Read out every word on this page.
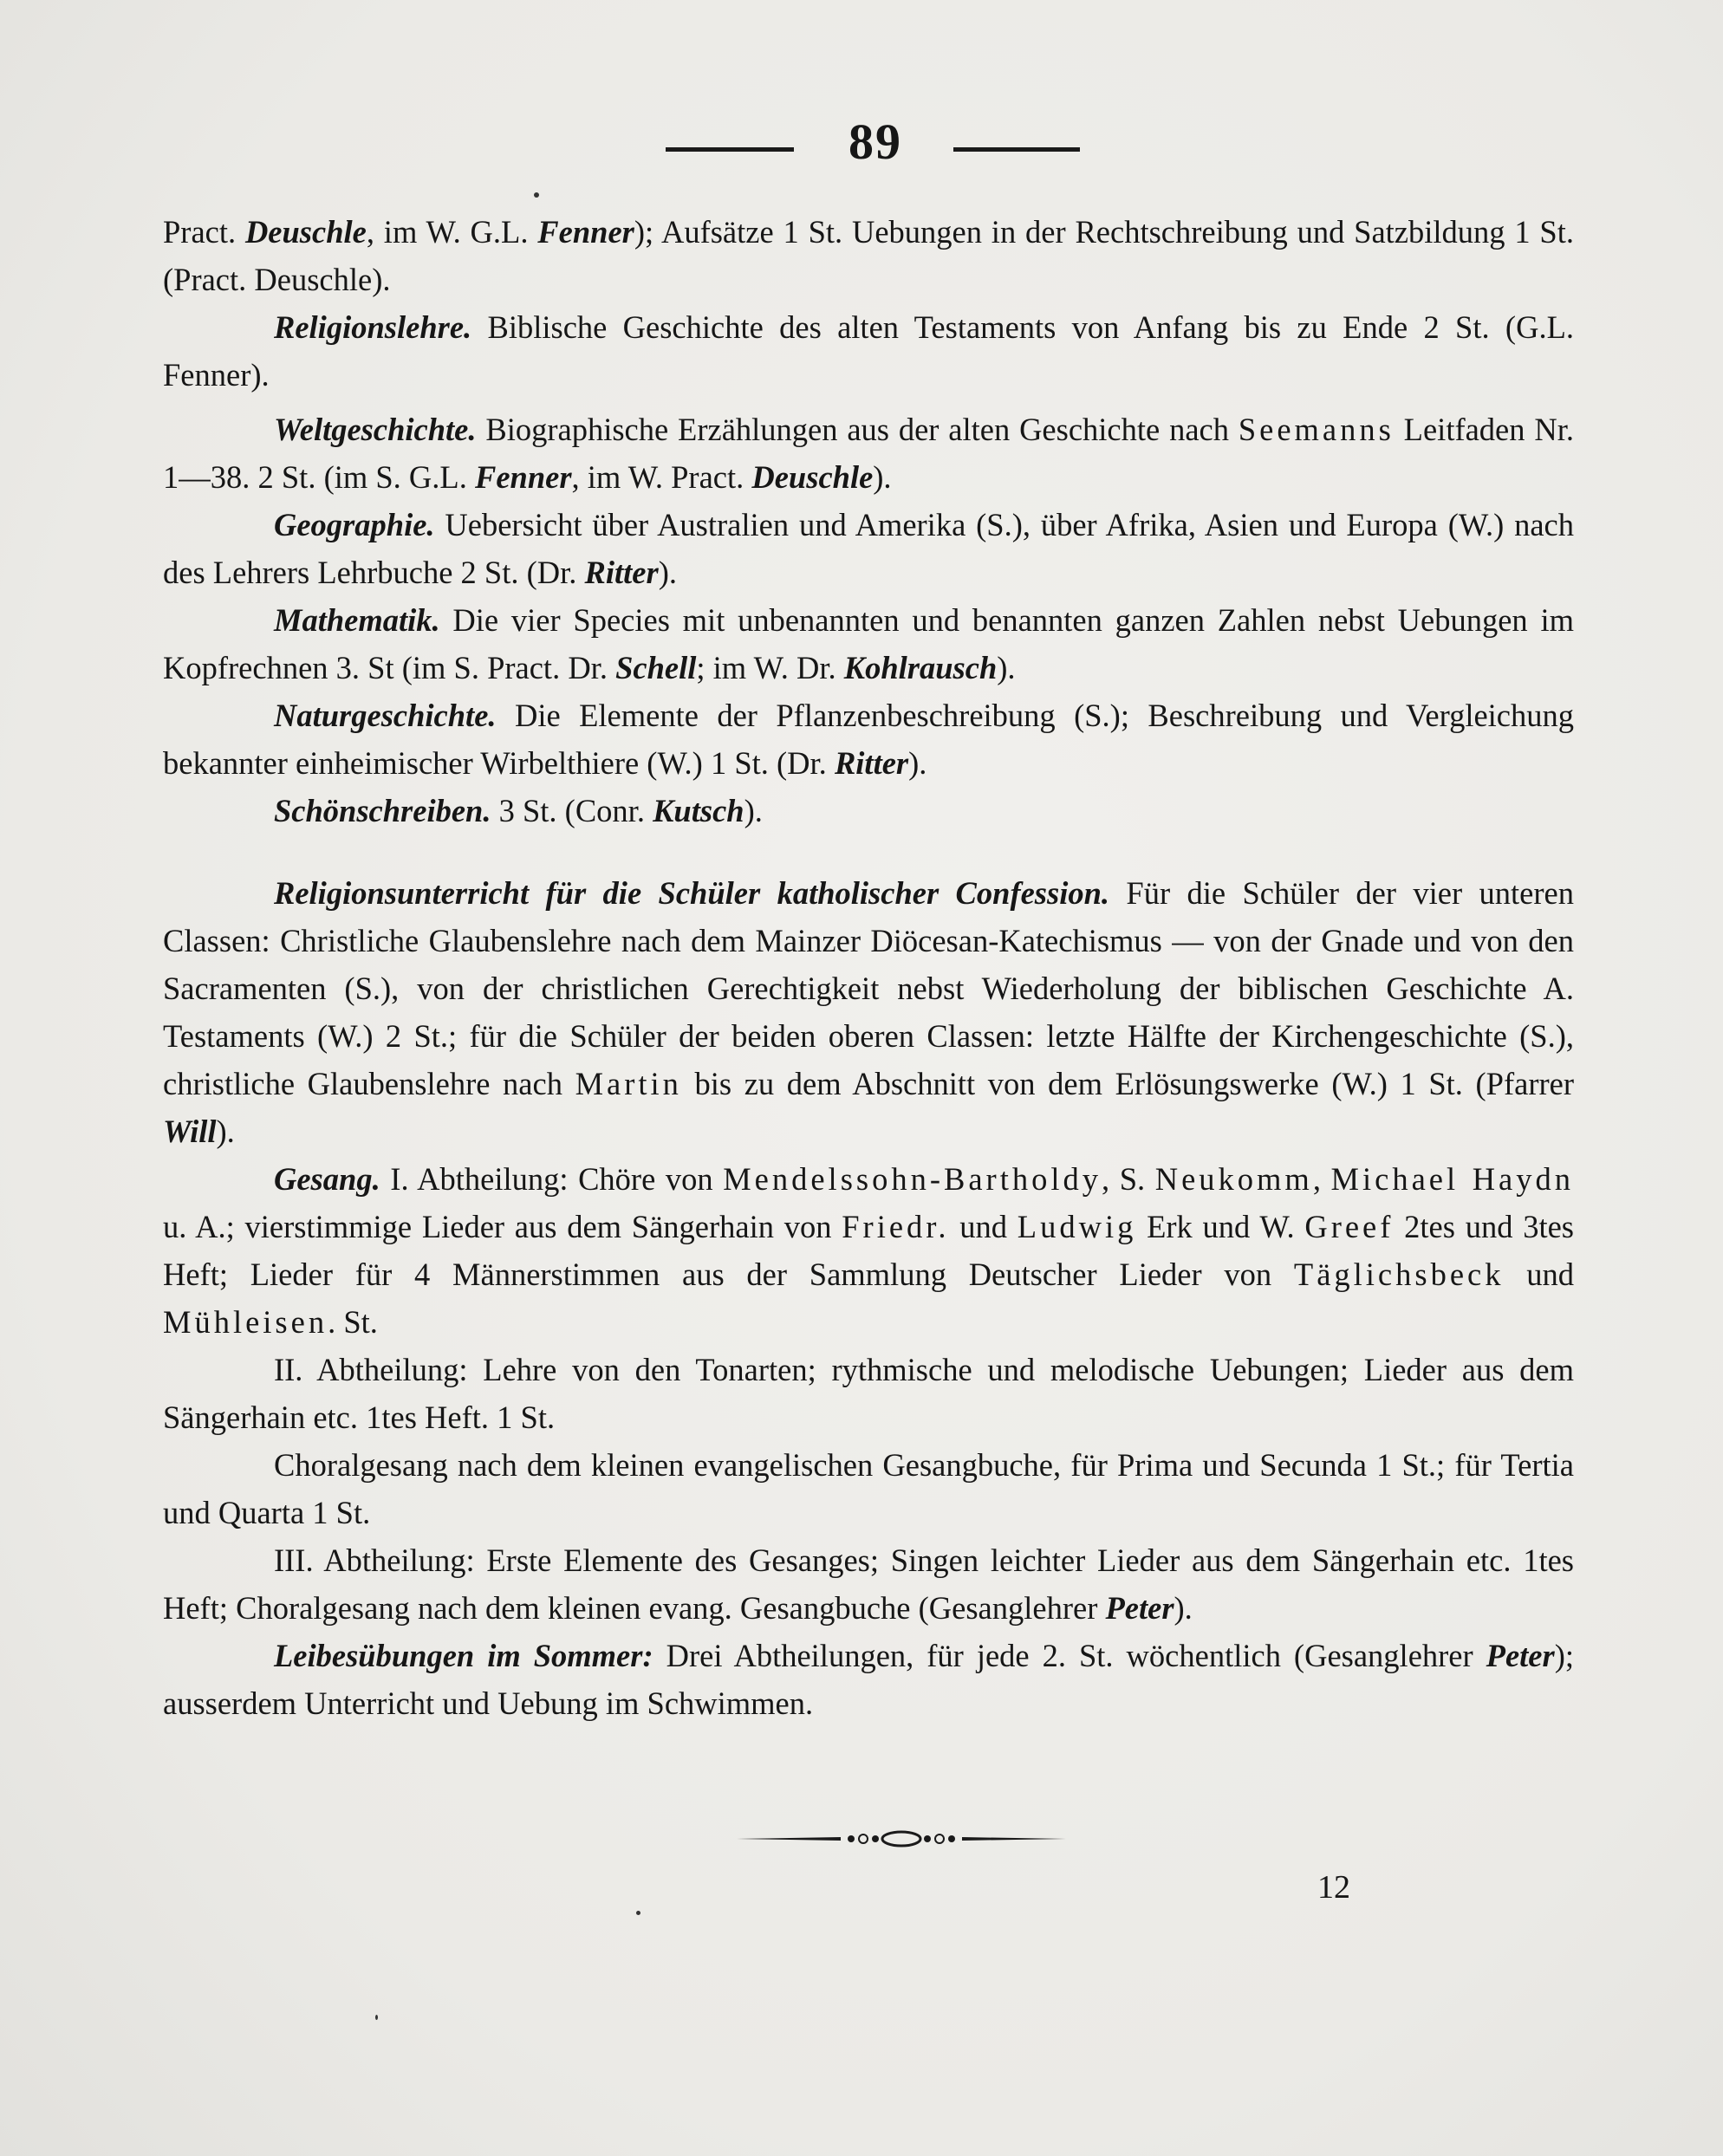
89

Pract. Deuschle, im W. G.L. Fenner); Aufsätze 1 St. Uebungen in der Rechtschreibung und Satzbildung 1 St. (Pract. Deuschle).

Religionslehre. Biblische Geschichte des alten Testaments von Anfang bis zu Ende 2 St. (G.L. Fenner).

Weltgeschichte. Biographische Erzählungen aus der alten Geschichte nach Seemanns Leitfaden Nr. 1—38. 2 St. (im S. G.L. Fenner, im W. Pract. Deuschle).

Geographie. Uebersicht über Australien und Amerika (S.), über Afrika, Asien und Europa (W.) nach des Lehrers Lehrbuche 2 St. (Dr. Ritter).

Mathematik. Die vier Species mit unbenannten und benannten ganzen Zahlen nebst Uebungen im Kopfrechnen 3. St (im S. Pract. Dr. Schell; im W. Dr. Kohlrausch).

Naturgeschichte. Die Elemente der Pflanzenbeschreibung (S.); Beschreibung und Vergleichung bekannter einheimischer Wirbelthiere (W.) 1 St. (Dr. Ritter).

Schönschreiben. 3 St. (Conr. Kutsch).

Religionsunterricht für die Schüler katholischer Confession. Für die Schüler der vier unteren Classen: Christliche Glaubenslehre nach dem Mainzer Diöcesan-Katechismus — von der Gnade und von den Sacramenten (S.), von der christlichen Gerechtigkeit nebst Wiederholung der biblischen Geschichte A. Testaments (W.) 2 St.; für die Schüler der beiden oberen Classen: letzte Hälfte der Kirchengeschichte (S.), christliche Glaubenslehre nach Martin bis zu dem Abschnitt von dem Erlösungswerke (W.) 1 St. (Pfarrer Will).

Gesang. I. Abtheilung: Chöre von Mendelssohn-Bartholdy, S. Neukomm, Michael Haydn u. A.; vierstimmige Lieder aus dem Sängerhain von Friedr. und Ludwig Erk und W. Greef 2tes und 3tes Heft; Lieder für 4 Männerstimmen aus der Sammlung Deutscher Lieder von Täglichsbeck und Mühleisen. St.

II. Abtheilung: Lehre von den Tonarten; rythmische und melodische Uebungen; Lieder aus dem Sängerhain etc. 1tes Heft. 1 St.

Choralgesang nach dem kleinen evangelischen Gesangbuche, für Prima und Secunda 1 St.; für Tertia und Quarta 1 St.

III. Abtheilung: Erste Elemente des Gesanges; Singen leichter Lieder aus dem Sängerhain etc. 1tes Heft; Choralgesang nach dem kleinen evang. Gesangbuche (Gesanglehrer Peter).

Leibesübungen im Sommer: Drei Abtheilungen, für jede 2. St. wöchentlich (Gesanglehrer Peter); ausserdem Unterricht und Uebung im Schwimmen.

12
